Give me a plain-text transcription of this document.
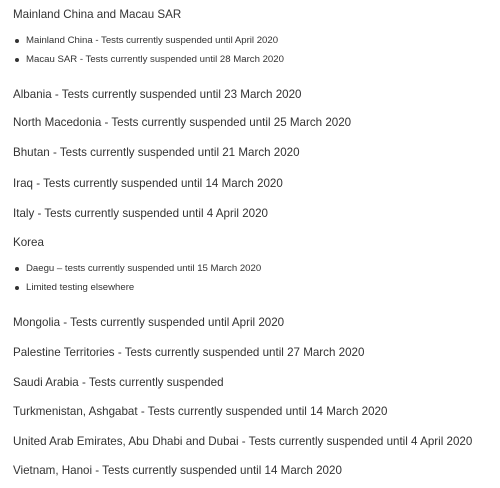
Mainland China and Macau SAR
Mainland China - Tests currently suspended until April 2020
Macau SAR - Tests currently suspended until 28 March 2020
Albania - Tests currently suspended until 23 March 2020
North Macedonia - Tests currently suspended until 25 March 2020
Bhutan - Tests currently suspended until 21 March 2020
Iraq - Tests currently suspended until 14 March 2020
Italy - Tests currently suspended until 4 April 2020
Korea
Daegu – tests currently suspended until 15 March 2020
Limited testing elsewhere
Mongolia - Tests currently suspended until April 2020
Palestine Territories - Tests currently suspended until 27 March 2020
Saudi Arabia - Tests currently suspended
Turkmenistan, Ashgabat - Tests currently suspended until 14 March 2020
United Arab Emirates, Abu Dhabi and Dubai - Tests currently suspended until 4 April 2020
Vietnam, Hanoi - Tests currently suspended until 14 March 2020
